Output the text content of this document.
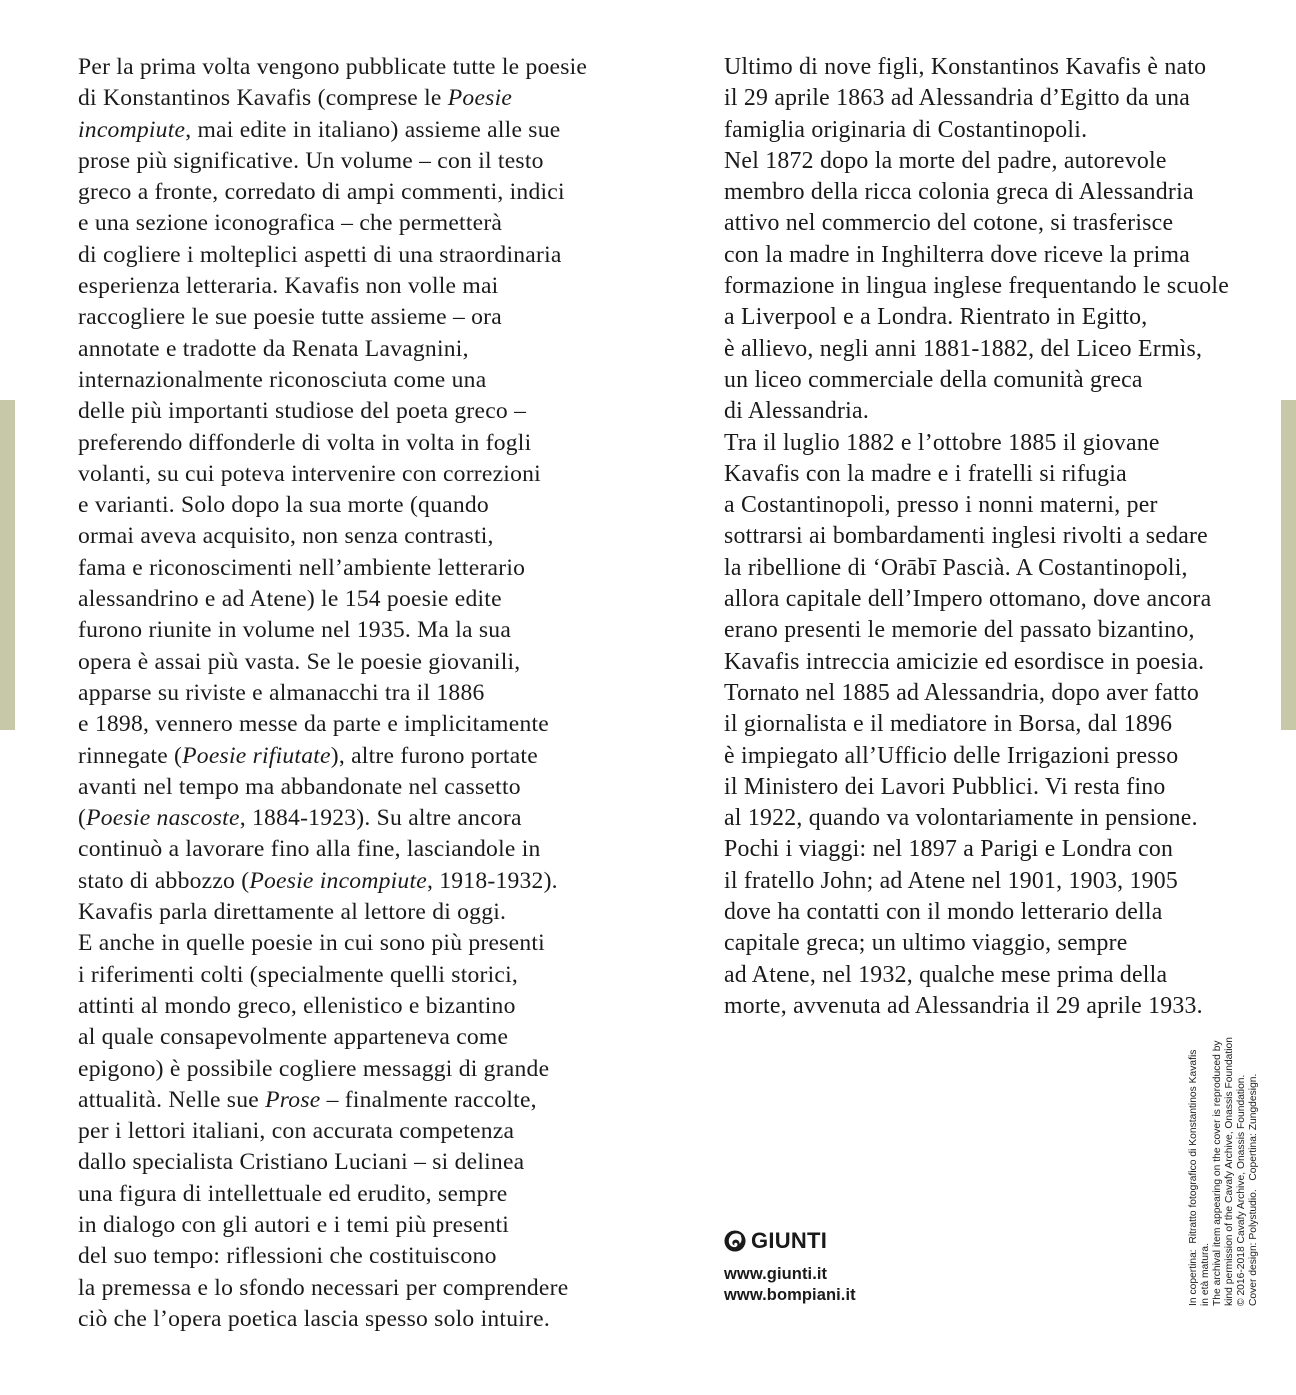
Per la prima volta vengono pubblicate tutte le poesie
di Konstantinos Kavafis (comprese le Poesie
incompiute, mai edite in italiano) assieme alle sue
prose più significative. Un volume – con il testo
greco a fronte, corredato di ampi commenti, indici
e una sezione iconografica – che permetterà
di cogliere i molteplici aspetti di una straordinaria
esperienza letteraria. Kavafis non volle mai
raccogliere le sue poesie tutte assieme – ora
annotate e tradotte da Renata Lavagnini,
internazionalmente riconosciuta come una
delle più importanti studiose del poeta greco –
preferendo diffonderle di volta in volta in fogli
volanti, su cui poteva intervenire con correzioni
e varianti. Solo dopo la sua morte (quando
ormai aveva acquisito, non senza contrasti,
fama e riconoscimenti nell’ambiente letterario
alessandrino e ad Atene) le 154 poesie edite
furono riunite in volume nel 1935. Ma la sua
opera è assai più vasta. Se le poesie giovanili,
apparse su riviste e almanacchi tra il 1886
e 1898, vennero messe da parte e implicitamente
rinnegate (Poesie rifiutate), altre furono portate
avanti nel tempo ma abbandonate nel cassetto
(Poesie nascoste, 1884-1923). Su altre ancora
continuò a lavorare fino alla fine, lasciandole in
stato di abbozzo (Poesie incompiute, 1918-1932).
Kavafis parla direttamente al lettore di oggi.
E anche in quelle poesie in cui sono più presenti
i riferimenti colti (specialmente quelli storici,
attinti al mondo greco, ellenistico e bizantino
al quale consapevolmente apparteneva come
epigono) è possibile cogliere messaggi di grande
attualità. Nelle sue Prose – finalmente raccolte,
per i lettori italiani, con accurata competenza
dallo specialista Cristiano Luciani – si delinea
una figura di intellettuale ed erudito, sempre
in dialogo con gli autori e i temi più presenti
del suo tempo: riflessioni che costituiscono
la premessa e lo sfondo necessari per comprendere
ciò che l’opera poetica lascia spesso solo intuire.
Ultimo di nove figli, Konstantinos Kavafis è nato
il 29 aprile 1863 ad Alessandria d’Egitto da una
famiglia originaria di Costantinopoli.
Nel 1872 dopo la morte del padre, autorevole
membro della ricca colonia greca di Alessandria
attivo nel commercio del cotone, si trasferisce
con la madre in Inghilterra dove riceve la prima
formazione in lingua inglese frequentando le scuole
a Liverpool e a Londra. Rientrato in Egitto,
è allievo, negli anni 1881-1882, del Liceo Ermìs,
un liceo commerciale della comunità greca
di Alessandria.
Tra il luglio 1882 e l’ottobre 1885 il giovane
Kavafis con la madre e i fratelli si rifugia
a Costantinopoli, presso i nonni materni, per
sottrarsi ai bombardamenti inglesi rivolti a sedare
la ribellione di ‘Orābī Pascià. A Costantinopoli,
allora capitale dell’Impero ottomano, dove ancora
erano presenti le memorie del passato bizantino,
Kavafis intreccia amicizie ed esordisce in poesia.
Tornato nel 1885 ad Alessandria, dopo aver fatto
il giornalista e il mediatore in Borsa, dal 1896
è impiegato all’Ufficio delle Irrigazioni presso
il Ministero dei Lavori Pubblici. Vi resta fino
al 1922, quando va volontariamente in pensione.
Pochi i viaggi: nel 1897 a Parigi e Londra con
il fratello John; ad Atene nel 1901, 1903, 1905
dove ha contatti con il mondo letterario della
capitale greca; un ultimo viaggio, sempre
ad Atene, nel 1932, qualche mese prima della
morte, avvenuta ad Alessandria il 29 aprile 1933.
GIUNTI
www.giunti.it
www.bompiani.it	In copertina:  Ritratto fotografico di Konstantinos Kavafis in età matura. The archival item appearing on the cover is reproduced by kind permission of the Cavafy Archive, Onassis Foundation © 2016-2018 Cavafy Archive, Onassis Foundation. Cover design: Polystudio.   Copertina: Zungdesign.
